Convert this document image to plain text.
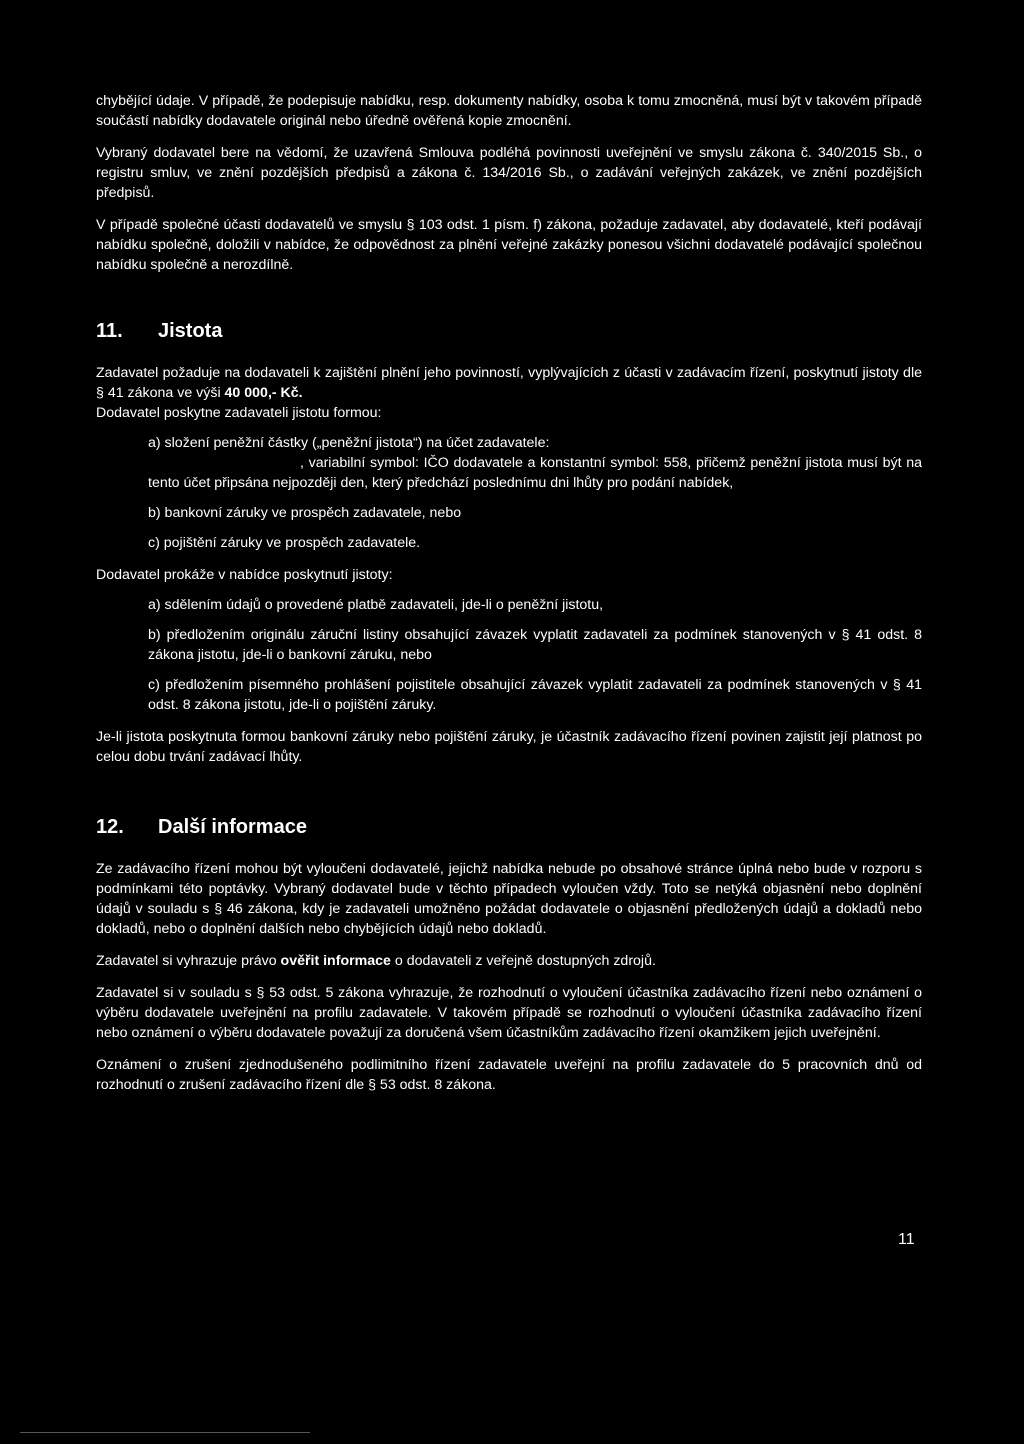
chybějící údaje. V případě, že podepisuje nabídku, resp. dokumenty nabídky, osoba k tomu zmocněná, musí být v takovém případě součástí nabídky dodavatele originál nebo úředně ověřená kopie zmocnění.

Vybraný dodavatel bere na vědomí, že uzavřená Smlouva podléhá povinnosti uveřejnění ve smyslu zákona č. 340/2015 Sb., o registru smluv, ve znění pozdějších předpisů a zákona č. 134/2016 Sb., o zadávání veřejných zakázek, ve znění pozdějších předpisů.

V případě společné účasti dodavatelů ve smyslu § 103 odst. 1 písm. f) zákona, požaduje zadavatel, aby dodavatelé, kteří podávají nabídku společně, doložili v nabídce, že odpovědnost za plnění veřejné zakázky ponesou všichni dodavatelé podávající společnou nabídku společně a nerozdílně.

11.	Jistota

Zadavatel požaduje na dodavateli k zajištění plnění jeho povinností, vyplývajících z účasti v zadávacím řízení, poskytnutí jistoty dle § 41 zákona ve výši 40 000,- Kč.

Dodavatel poskytne zadavateli jistotu formou:

a) složení peněžní částky („peněžní jistota“) na účet zadavatele:

, variabilní symbol: IČO dodavatele a konstantní symbol: 558, přičemž peněžní jistota musí být na tento účet připsána nejpozději den, který předchází poslednímu dni lhůty pro podání nabídek,

b) bankovní záruky ve prospěch zadavatele, nebo

c) pojištění záruky ve prospěch zadavatele.

Dodavatel prokáže v nabídce poskytnutí jistoty:

a) sdělením údajů o provedené platbě zadavateli, jde-li o peněžní jistotu,

b) předložením originálu záruční listiny obsahující závazek vyplatit zadavateli za podmínek stanovených v § 41 odst. 8 zákona jistotu, jde-li o bankovní záruku, nebo

c) předložením písemného prohlášení pojistitele obsahující závazek vyplatit zadavateli za podmínek stanovených v § 41 odst. 8 zákona jistotu, jde-li o pojištění záruky.

Je-li jistota poskytnuta formou bankovní záruky nebo pojištění záruky, je účastník zadávacího řízení povinen zajistit její platnost po celou dobu trvání zadávací lhůty.

12.	Další informace

Ze zadávacího řízení mohou být vyloučeni dodavatelé, jejichž nabídka nebude po obsahové stránce úplná nebo bude v rozporu s podmínkami této poptávky. Vybraný dodavatel bude v těchto případech vyloučen vždy. Toto se netýká objasnění nebo doplnění údajů v souladu s § 46 zákona, kdy je zadavateli umožněno požádat dodavatele o objasnění předložených údajů a dokladů nebo dokladů, nebo o doplnění dalších nebo chybějících údajů nebo dokladů.

Zadavatel si vyhrazuje právo ověřit informace o dodavateli z veřejně dostupných zdrojů.

Zadavatel si v souladu s § 53 odst. 5 zákona vyhrazuje, že rozhodnutí o vyloučení účastníka zadávacího řízení nebo oznámení o výběru dodavatele uveřejnění na profilu zadavatele. V takovém případě se rozhodnutí o vyloučení účastníka zadávacího řízení nebo oznámení o výběru dodavatele považují za doručená všem účastníkům zadávacího řízení okamžikem jejich uveřejnění.

Oznámení o zrušení zjednodušeného podlimitního řízení zadavatele uveřejní na profilu zadavatele do 5 pracovních dnů od rozhodnutí o zrušení zadávacího řízení dle § 53 odst. 8 zákona.

11
